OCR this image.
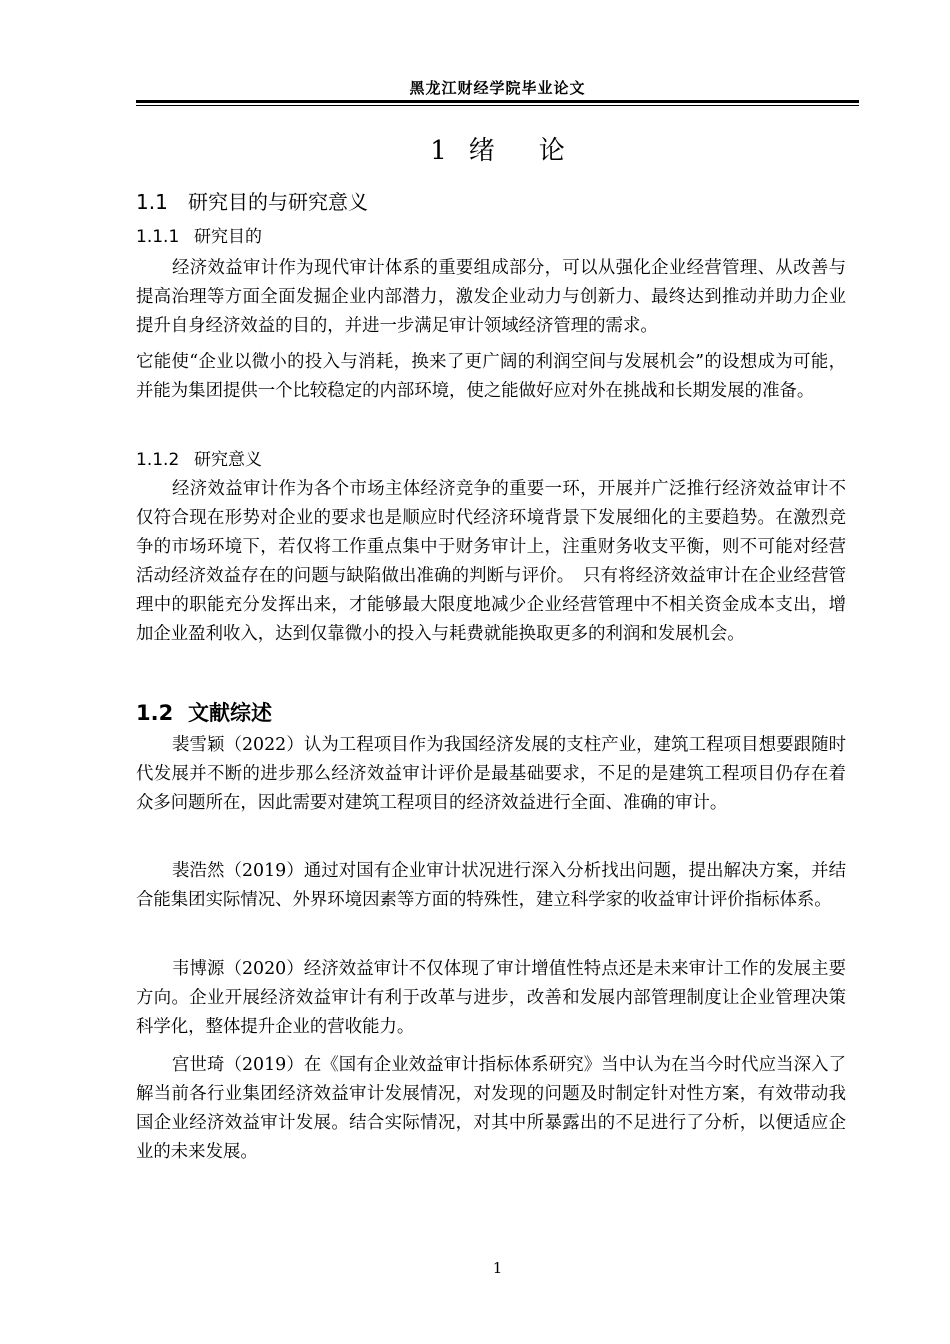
黑龙江财经学院毕业论文
1 绪 论
1.1 研究目的与研究意义
1.1.1 研究目的
经济效益审计作为现代审计体系的重要组成部分，可以从强化企业经营管理、从改善与提高治理等方面全面发掘企业内部潜力，激发企业动力与创新力、最终达到推动并助力企业提升自身经济效益的目的，并进一步满足审计领域经济管理的需求。
它能使“企业以微小的投入与消耗，换来了更广阔的利润空间与发展机会”的设想成为可能，并能为集团提供一个比较稳定的内部环境，使之能做好应对外在挑战和长期发展的准备。
1.1.2 研究意义
经济效益审计作为各个市场主体经济竞争的重要一环，开展并广泛推行经济效益审计不仅符合现在形势对企业的要求也是顺应时代经济环境背景下发展细化的主要趋势。在激烈竞争的市场环境下，若仅将工作重点集中于财务审计上，注重财务收支平衡，则不可能对经营活动经济效益存在的问题与缺陷做出准确的判断与评价。　只有将经济效益审计在企业经营管理中的职能充分发挥出来，才能够最大限度地减少企业经营管理中不相关资金成本支出，增加企业盈利收入，达到仅靠微小的投入与耗费就能换取更多的利润和发展机会。
1.2 文献综述
裴雪颖（2022）认为工程项目作为我国经济发展的支柱产业，建筑工程项目想要跟随时代发展并不断的进步那么经济效益审计评价是最基础要求，不足的是建筑工程项目仍存在着众多问题所在，因此需要对建筑工程项目的经济效益进行全面、准确的审计。
裴浩然（2019）通过对国有企业审计状况进行深入分析找出问题，提出解决方案，并结合能集团实际情况、外界环境因素等方面的特殊性，建立科学家的收益审计评价指标体系。
韦博源（2020）经济效益审计不仅体现了审计增值性特点还是未来审计工作的发展主要方向。企业开展经济效益审计有利于改革与进步，改善和发展内部管理制度让企业管理决策科学化，整体提升企业的营收能力。
宫世琦（2019）在《国有企业效益审计指标体系研究》当中认为在当今时代应当深入了解当前各行业集团经济效益审计发展情况，对发现的问题及时制定针对性方案，有效带动我国企业经济效益审计发展。结合实际情况，对其中所暴露出的不足进行了分析，以便适应企业的未来发展。
1
